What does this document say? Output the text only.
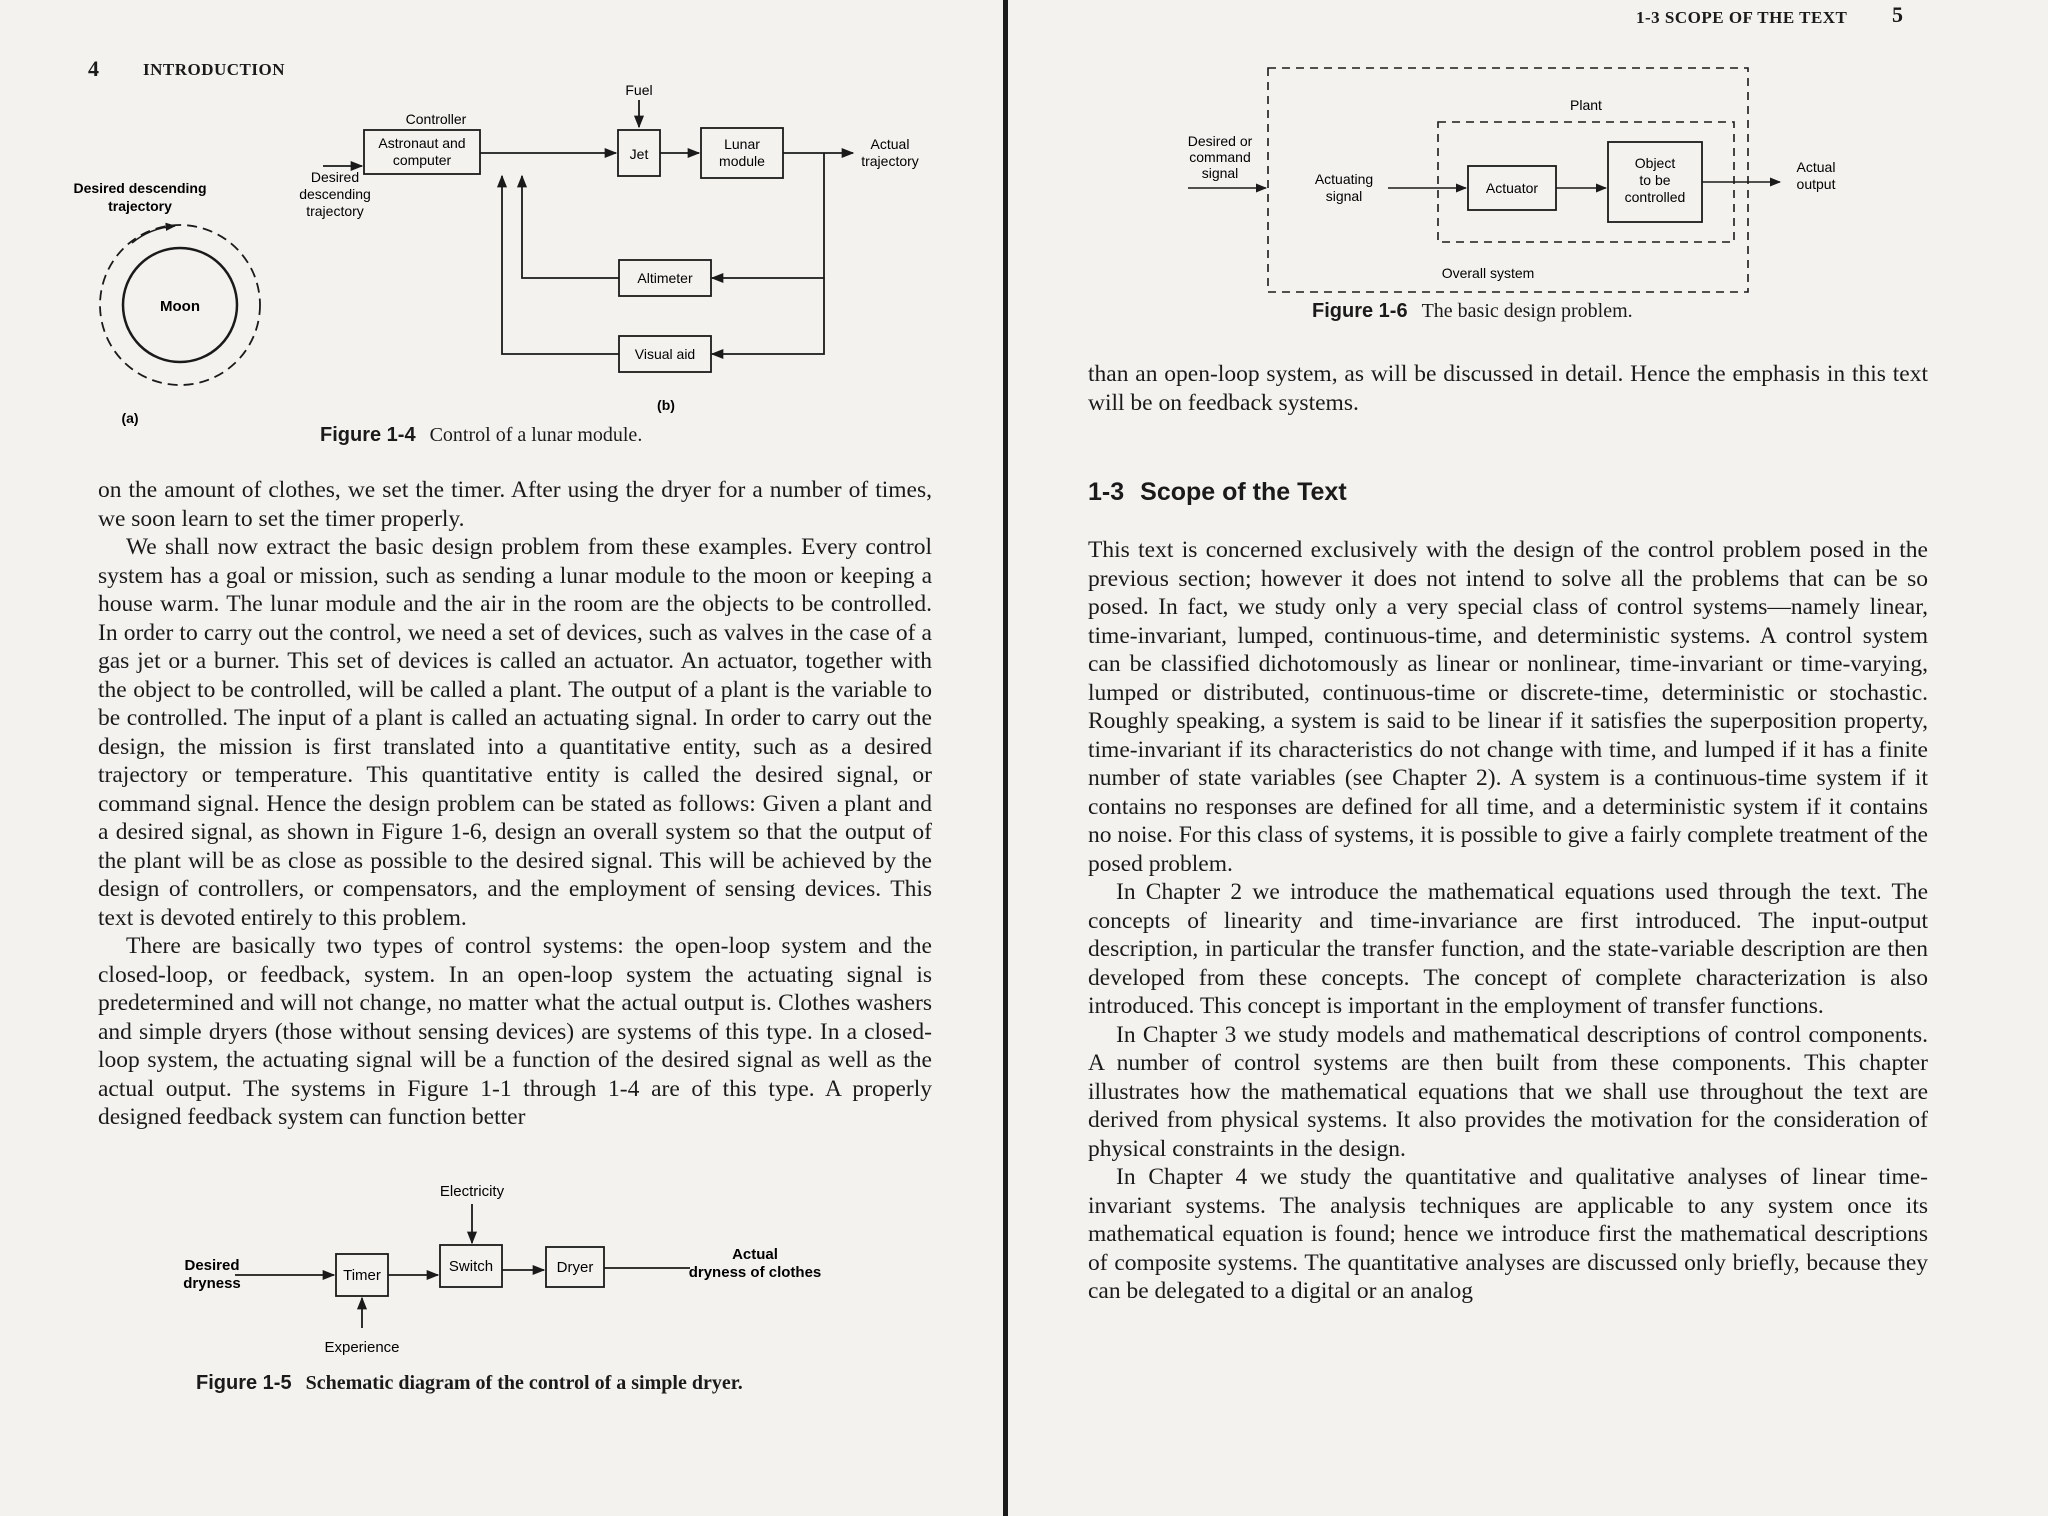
4	INTRODUCTION
Desired descending
trajectory
Moon
(a)
Fuel
Controller
Astronaut and
computer
Desired
descending
trajectory
Jet
Lunar
module
Actual
trajectory
Altimeter
Visual aid
(b)
Figure 1-4 Control of a lunar module.

on the amount of clothes, we set the timer. After using the dryer for a number of times, we soon learn to set the timer properly.

We shall now extract the basic design problem from these examples. Every control system has a goal or mission, such as sending a lunar module to the moon or keeping a house warm. The lunar module and the air in the room are the objects to be controlled. In order to carry out the control, we need a set of devices, such as valves in the case of a gas jet or a burner. This set of devices is called an actuator. An actuator, together with the object to be controlled, will be called a plant. The output of a plant is the variable to be controlled. The input of a plant is called an actuating signal. In order to carry out the design, the mission is first translated into a quantitative entity, such as a desired trajectory or temperature. This quantitative entity is called the desired signal, or command signal. Hence the design problem can be stated as follows: Given a plant and a desired signal, as shown in Figure 1-6, design an overall system so that the output of the plant will be as close as possible to the desired signal. This will be achieved by the design of controllers, or compensators, and the employment of sensing devices. This text is devoted entirely to this problem.

There are basically two types of control systems: the open-loop system and the closed-loop, or feedback, system. In an open-loop system the actuating signal is predetermined and will not change, no matter what the actual output is. Clothes washers and simple dryers (those without sensing devices) are systems of this type. In a closed-loop system, the actuating signal will be a function of the desired signal as well as the actual output. The systems in Figure 1-1 through 1-4 are of this type. A properly designed feedback system can function better

Electricity
Desired
dryness	Timer
Switch	Dryer
Actual
dryness of clothes
Experience
Figure 1-5 Schematic diagram of the control of a simple dryer.
1-3 SCOPE OF THE TEXT 5
Overall system
Desired or
command
signal	Actuating
signal
Plant
Actuator
Object
to be
controlled
Actual
output
Figure 1-6 The basic design problem.

than an open-loop system, as will be discussed in detail. Hence the emphasis in this text will be on feedback systems.

1-3 Scope of the Text

This text is concerned exclusively with the design of the control problem posed in the previous section; however it does not intend to solve all the problems that can be so posed. In fact, we study only a very special class of control systems—namely linear, time-invariant, lumped, continuous-time, and deterministic systems. A control system can be classified dichotomously as linear or nonlinear, time-invariant or time-varying, lumped or distributed, continuous-time or discrete-time, deterministic or stochastic. Roughly speaking, a system is said to be linear if it satisfies the superposition property, time-invariant if its characteristics do not change with time, and lumped if it has a finite number of state variables (see Chapter 2). A system is a continuous-time system if it contains no responses are defined for all time, and a deterministic system if it contains no noise. For this class of systems, it is possible to give a fairly complete treatment of the posed problem.

In Chapter 2 we introduce the mathematical equations used through the text. The concepts of linearity and time-invariance are first introduced. The input-output description, in particular the transfer function, and the state-variable description are then developed from these concepts. The concept of complete characterization is also introduced. This concept is important in the employment of transfer functions.

In Chapter 3 we study models and mathematical descriptions of control components. A number of control systems are then built from these components. This chapter illustrates how the mathematical equations that we shall use throughout the text are derived from physical systems. It also provides the motivation for the consideration of physical constraints in the design.

In Chapter 4 we study the quantitative and qualitative analyses of linear time-invariant systems. The analysis techniques are applicable to any system once its mathematical equation is found; hence we introduce first the mathematical descriptions of composite systems. The quantitative analyses are discussed only briefly, because they can be delegated to a digital or an analog
